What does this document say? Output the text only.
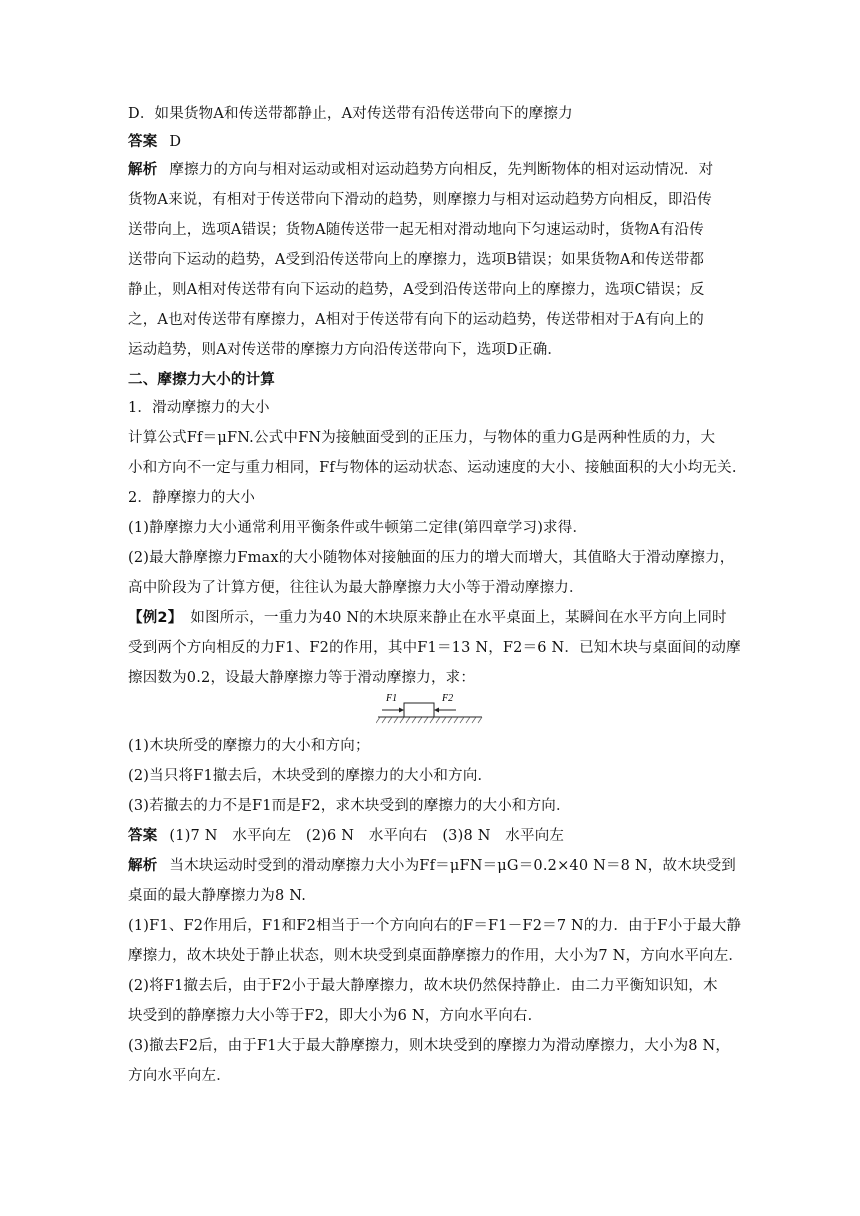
D．如果货物A和传送带都静止，A对传送带有沿传送带向下的摩擦力
答案 D
解析 摩擦力的方向与相对运动或相对运动趋势方向相反，先判断物体的相对运动情况．对
货物A来说，有相对于传送带向下滑动的趋势，则摩擦力与相对运动趋势方向相反，即沿传
送带向上，选项A错误；货物A随传送带一起无相对滑动地向下匀速运动时，货物A有沿传
送带向下运动的趋势，A受到沿传送带向上的摩擦力，选项B错误；如果货物A和传送带都
静止，则A相对传送带有向下运动的趋势，A受到沿传送带向上的摩擦力，选项C错误；反
之，A也对传送带有摩擦力，A相对于传送带有向下的运动趋势，传送带相对于A有向上的
运动趋势，则A对传送带的摩擦力方向沿传送带向下，选项D正确．
二、摩擦力大小的计算
1．滑动摩擦力的大小
计算公式Ff＝μFN.公式中FN为接触面受到的正压力，与物体的重力G是两种性质的力，大
小和方向不一定与重力相同，Ff与物体的运动状态、运动速度的大小、接触面积的大小均无关.
2．静摩擦力的大小
(1)静摩擦力大小通常利用平衡条件或牛顿第二定律(第四章学习)求得．
(2)最大静摩擦力Fmax的大小随物体对接触面的压力的增大而增大，其值略大于滑动摩擦力，
高中阶段为了计算方便，往往认为最大静摩擦力大小等于滑动摩擦力．
【例2】 如图所示，一重力为40 N的木块原来静止在水平桌面上，某瞬间在水平方向上同时
受到两个方向相反的力F1、F2的作用，其中F1＝13 N，F2＝6 N．已知木块与桌面间的动摩
擦因数为0.2，设最大静摩擦力等于滑动摩擦力，求：
F1	F2
(1)木块所受的摩擦力的大小和方向；
(2)当只将F1撤去后，木块受到的摩擦力的大小和方向．
(3)若撤去的力不是F1而是F2，求木块受到的摩擦力的大小和方向．
答案 (1)7 N　水平向左　(2)6 N　水平向右　(3)8 N　水平向左
解析 当木块运动时受到的滑动摩擦力大小为Ff＝μFN＝μG＝0.2×40 N＝8 N，故木块受到
桌面的最大静摩擦力为8 N.
(1)F1、F2作用后，F1和F2相当于一个方向向右的F＝F1－F2＝7 N的力．由于F小于最大静
摩擦力，故木块处于静止状态，则木块受到桌面静摩擦力的作用，大小为7 N，方向水平向左．
(2)将F1撤去后，由于F2小于最大静摩擦力，故木块仍然保持静止．由二力平衡知识知，木
块受到的静摩擦力大小等于F2，即大小为6 N，方向水平向右．
(3)撤去F2后，由于F1大于最大静摩擦力，则木块受到的摩擦力为滑动摩擦力，大小为8 N，
方向水平向左．
